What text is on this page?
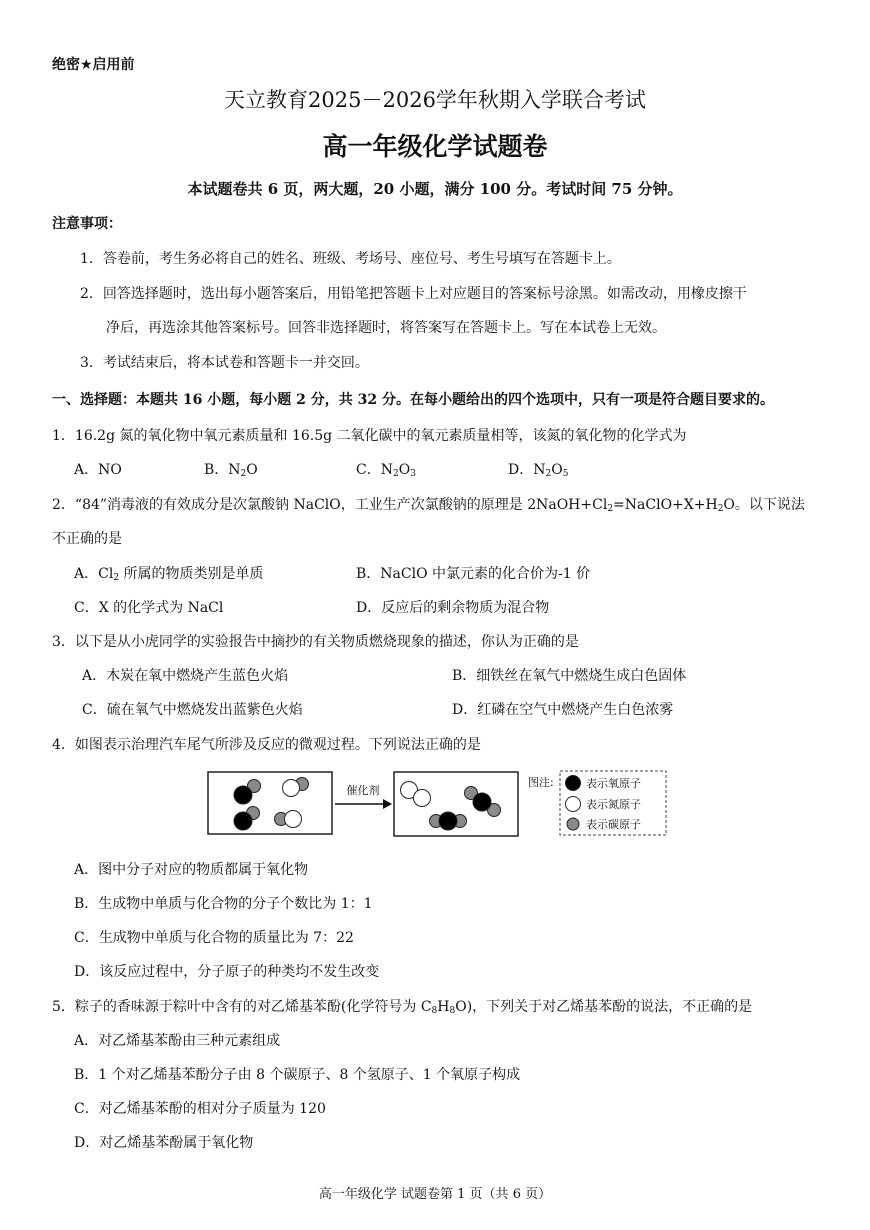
绝密★启用前
天立教育2025－2026学年秋期入学联合考试
高一年级化学试题卷
本试题卷共 6 页，两大题，20 小题，满分 100 分。考试时间 75 分钟。
注意事项：
1．答卷前，考生务必将自己的姓名、班级、考场号、座位号、考生号填写在答题卡上。
2．回答选择题时，选出每小题答案后，用铅笔把答题卡上对应题目的答案标号涂黑。如需改动，用橡皮擦干
净后，再选涂其他答案标号。回答非选择题时，将答案写在答题卡上。写在本试卷上无效。
3．考试结束后，将本试卷和答题卡一并交回。
一、选择题：本题共 16 小题，每小题 2 分，共 32 分。在每小题给出的四个选项中，只有一项是符合题目要求的。
1．16.2g 氮的氧化物中氧元素质量和 16.5g 二氧化碳中的氧元素质量相等，该氮的氧化物的化学式为
A．NO	B．$N_2O$	C．$N_2O_3$	D．$N_2O_5$
2．“84”消毒液的有效成分是次氯酸钠 NaClO，工业生产次氯酸钠的原理是 $2NaOH+Cl_2=NaClO+X+H_2O$。以下说法
不正确的是
A．$Cl_2$ 所属的物质类别是单质	B．NaClO 中氯元素的化合价为-1 价
C．X 的化学式为 NaCl	D．反应后的剩余物质为混合物
3．以下是从小虎同学的实验报告中摘抄的有关物质燃烧现象的描述，你认为正确的是
A．木炭在氧中燃烧产生蓝色火焰	B．细铁丝在氧气中燃烧生成白色固体
C．硫在氧气中燃烧发出蓝紫色火焰	D．红磷在空气中燃烧产生白色浓雾
4．如图表示治理汽车尾气所涉及反应的微观过程。下列说法正确的是
催化剂
图注:	表示氧原子
表示氮原子
表示碳原子
A．图中分子对应的物质都属于氧化物
B．生成物中单质与化合物的分子个数比为 1：1
C．生成物中单质与化合物的质量比为 7：22
D．该反应过程中，分子原子的种类均不发生改变
5．粽子的香味源于粽叶中含有的对乙烯基苯酚(化学符号为 $C_8H_8O$)，下列关于对乙烯基苯酚的说法，不正确的是
A．对乙烯基苯酚由三种元素组成
B．1 个对乙烯基苯酚分子由 8 个碳原子、8 个氢原子、1 个氧原子构成
C．对乙烯基苯酚的相对分子质量为 120
D．对乙烯基苯酚属于氧化物
高一年级化学 试题卷第 1 页（共 6 页）
